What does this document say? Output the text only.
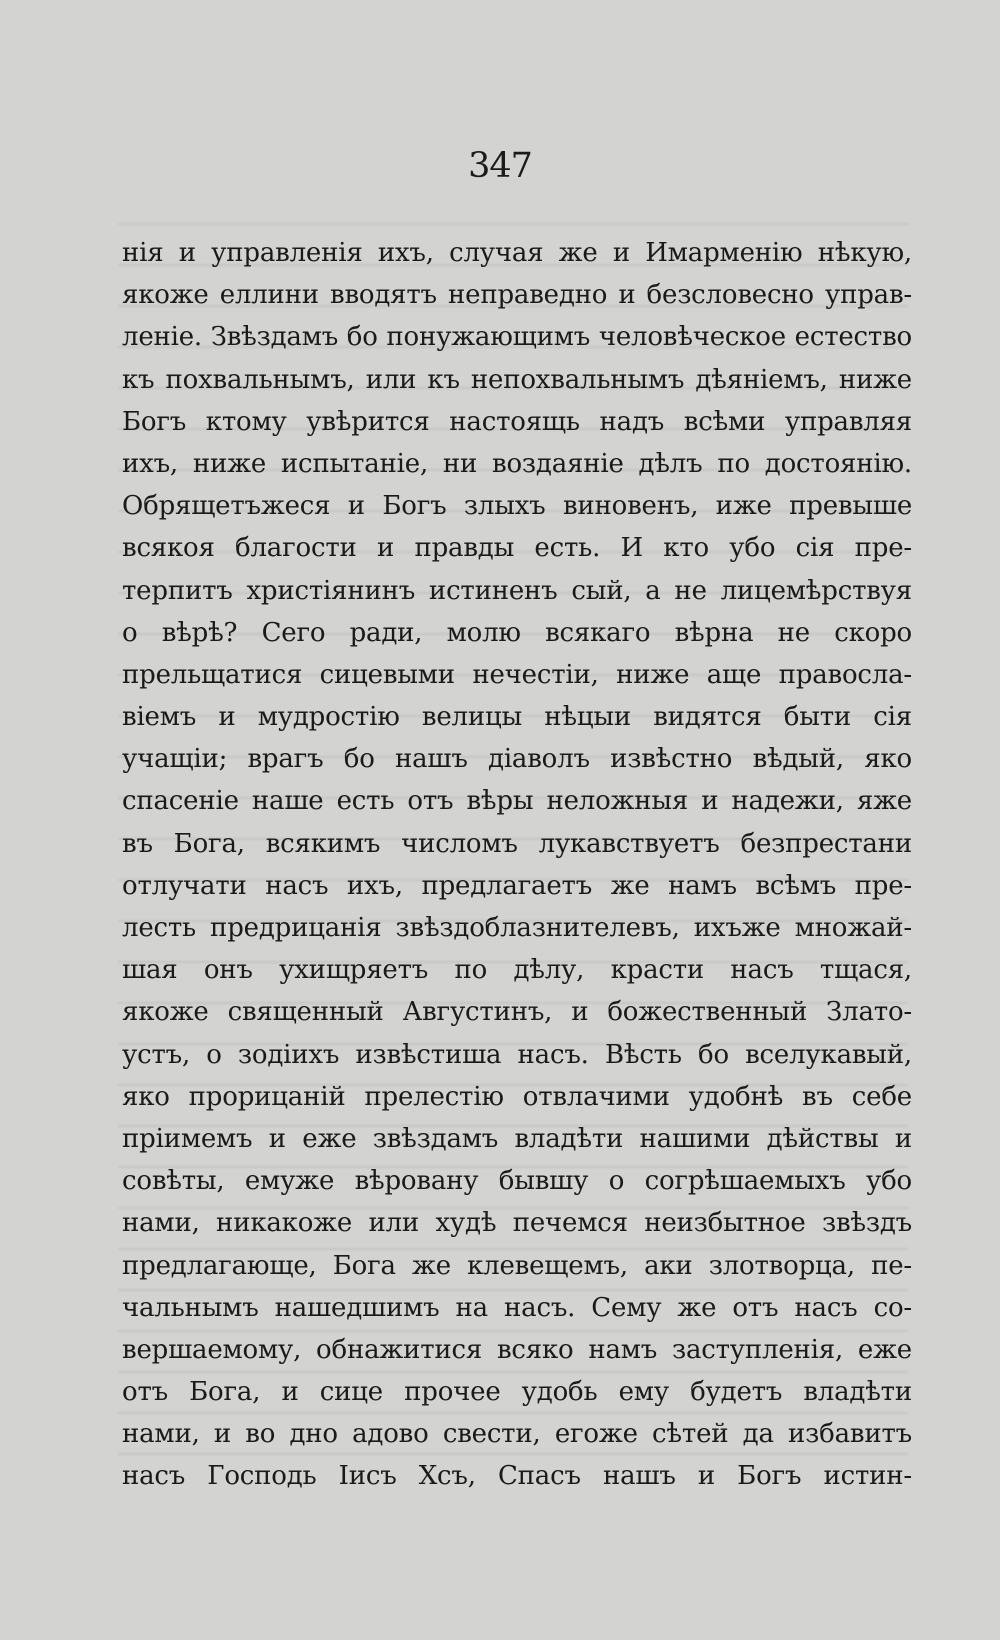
347
нія и управленія ихъ, случая же и Имарменію нѣкую,
якоже еллини вводятъ неправедно и безсловесно управ-
леніе. Звѣздамъ бо понужающимъ человѣческое естество
къ похвальнымъ, или къ непохвальнымъ дѣяніемъ, ниже
Богъ ктому увѣрится настоящь надъ всѣми управляя
ихъ, ниже испытаніе, ни воздаяніе дѣлъ по достоянію.
Обрящетъжеся и Богъ злыхъ виновенъ, иже превыше
всякоя благости и правды есть. И кто убо сія пре-
терпитъ христіянинъ истиненъ сый, а не лицемѣрствуя
о вѣрѣ? Сего ради, молю всякаго вѣрна не скоро
прельщатися сицевыми нечестіи, ниже аще правосла-
віемъ и мудростію велицы нѣцыи видятся быти сія
учащіи; врагъ бо нашъ діаволъ извѣстно вѣдый, яко
спасеніе наше есть отъ вѣры неложныя и надежи, яже
въ Бога, всякимъ числомъ лукавствуетъ безпрестани
отлучати насъ ихъ, предлагаетъ же намъ всѣмъ пре-
лесть предрицанія звѣздоблазнителевъ, ихъже множай-
шая онъ ухищряетъ по дѣлу, красти насъ тщася,
якоже священный Августинъ, и божественный Злато-
устъ, о зодіихъ извѣстиша насъ. Вѣсть бо вселукавый,
яко прорицаній прелестію отвлачими удобнѣ въ себе
пріимемъ и еже звѣздамъ владѣти нашими дѣйствы и
совѣты, емуже вѣровану бывшу о согрѣшаемыхъ убо
нами, никакоже или худѣ печемся неизбытное звѣздъ
предлагающе, Бога же клевещемъ, аки злотворца, пе-
чальнымъ нашедшимъ на насъ. Сему же отъ насъ со-
вершаемому, обнажитися всяко намъ заступленія, еже
отъ Бога, и сице прочее удобь ему будетъ владѣти
нами, и во дно адово свести, егоже сѣтей да избавитъ
насъ Господь Іисъ Хсъ, Спасъ нашъ и Богъ истин-
